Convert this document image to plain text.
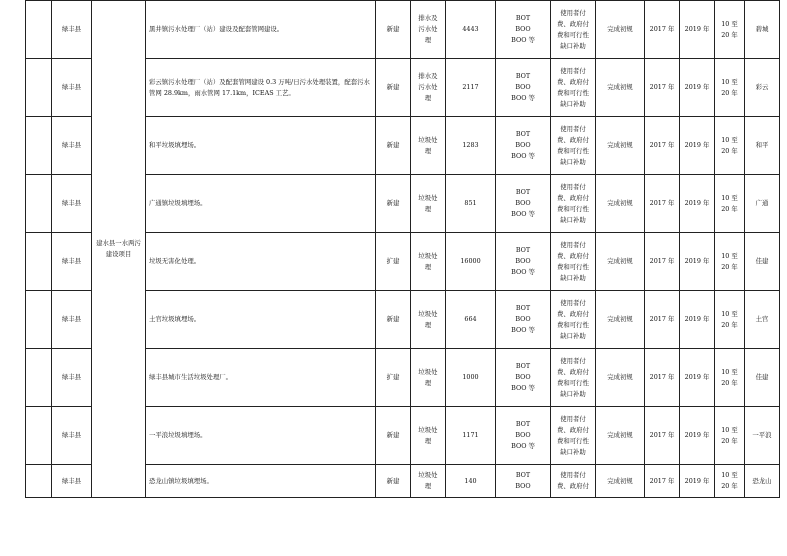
	绿丰县	建水县一水两污建设项目	黑井镇污水处理厂（站）建设及配套管网建设。	新建	排水及
污水处
理	4443	BOT
BOO
BOO 等	使用者付
费、政府付
费和可行性
缺口补助	完成初规	2017 年	2019 年	10 至
20 年	碧城
	绿丰县		彩云镇污水处理厂（站）及配套管网建设 0.3 万吨/日污水处理装置，配套污水管网 28.9km，雨水管网 17.1km，ICEAS 工艺。	新建	排水及
污水处
理	2117	BOT
BOO
BOO 等	使用者付
费、政府付
费和可行性
缺口补助	完成初规	2017 年	2019 年	10 至
20 年	彩云
	绿丰县		和平垃圾填埋场。	新建	垃圾处
理	1283	BOT
BOO
BOO 等	使用者付
费、政府付
费和可行性
缺口补助	完成初规	2017 年	2019 年	10 至
20 年	和平
	绿丰县		广通镇垃圾填埋场。	新建	垃圾处
理	851	BOT
BOO
BOO 等	使用者付
费、政府付
费和可行性
缺口补助	完成初规	2017 年	2019 年	10 至
20 年	广通
	绿丰县		垃圾无害化处理。	扩建	垃圾处
理	16000	BOT
BOO
BOO 等	使用者付
费、政府付
费和可行性
缺口补助	完成初规	2017 年	2019 年	10 至
20 年	佳建
	绿丰县		土官垃圾填埋场。	新建	垃圾处
理	664	BOT
BOO
BOO 等	使用者付
费、政府付
费和可行性
缺口补助	完成初规	2017 年	2019 年	10 至
20 年	土官
	绿丰县		绿丰县城市生活垃圾处理厂。	扩建	垃圾处
理	1000	BOT
BOO
BOO 等	使用者付
费、政府付
费和可行性
缺口补助	完成初规	2017 年	2019 年	10 至
20 年	佳建
	绿丰县		一平浪垃圾填埋场。	新建	垃圾处
理	1171	BOT
BOO
BOO 等	使用者付
费、政府付
费和可行性
缺口补助	完成初规	2017 年	2019 年	10 至
20 年	一平浪
	绿丰县		恐龙山镇垃圾填埋场。	新建	垃圾处
理	140	BOT
BOO	使用者付
费、政府付	完成初规	2017 年	2019 年	10 至
20 年	恐龙山
